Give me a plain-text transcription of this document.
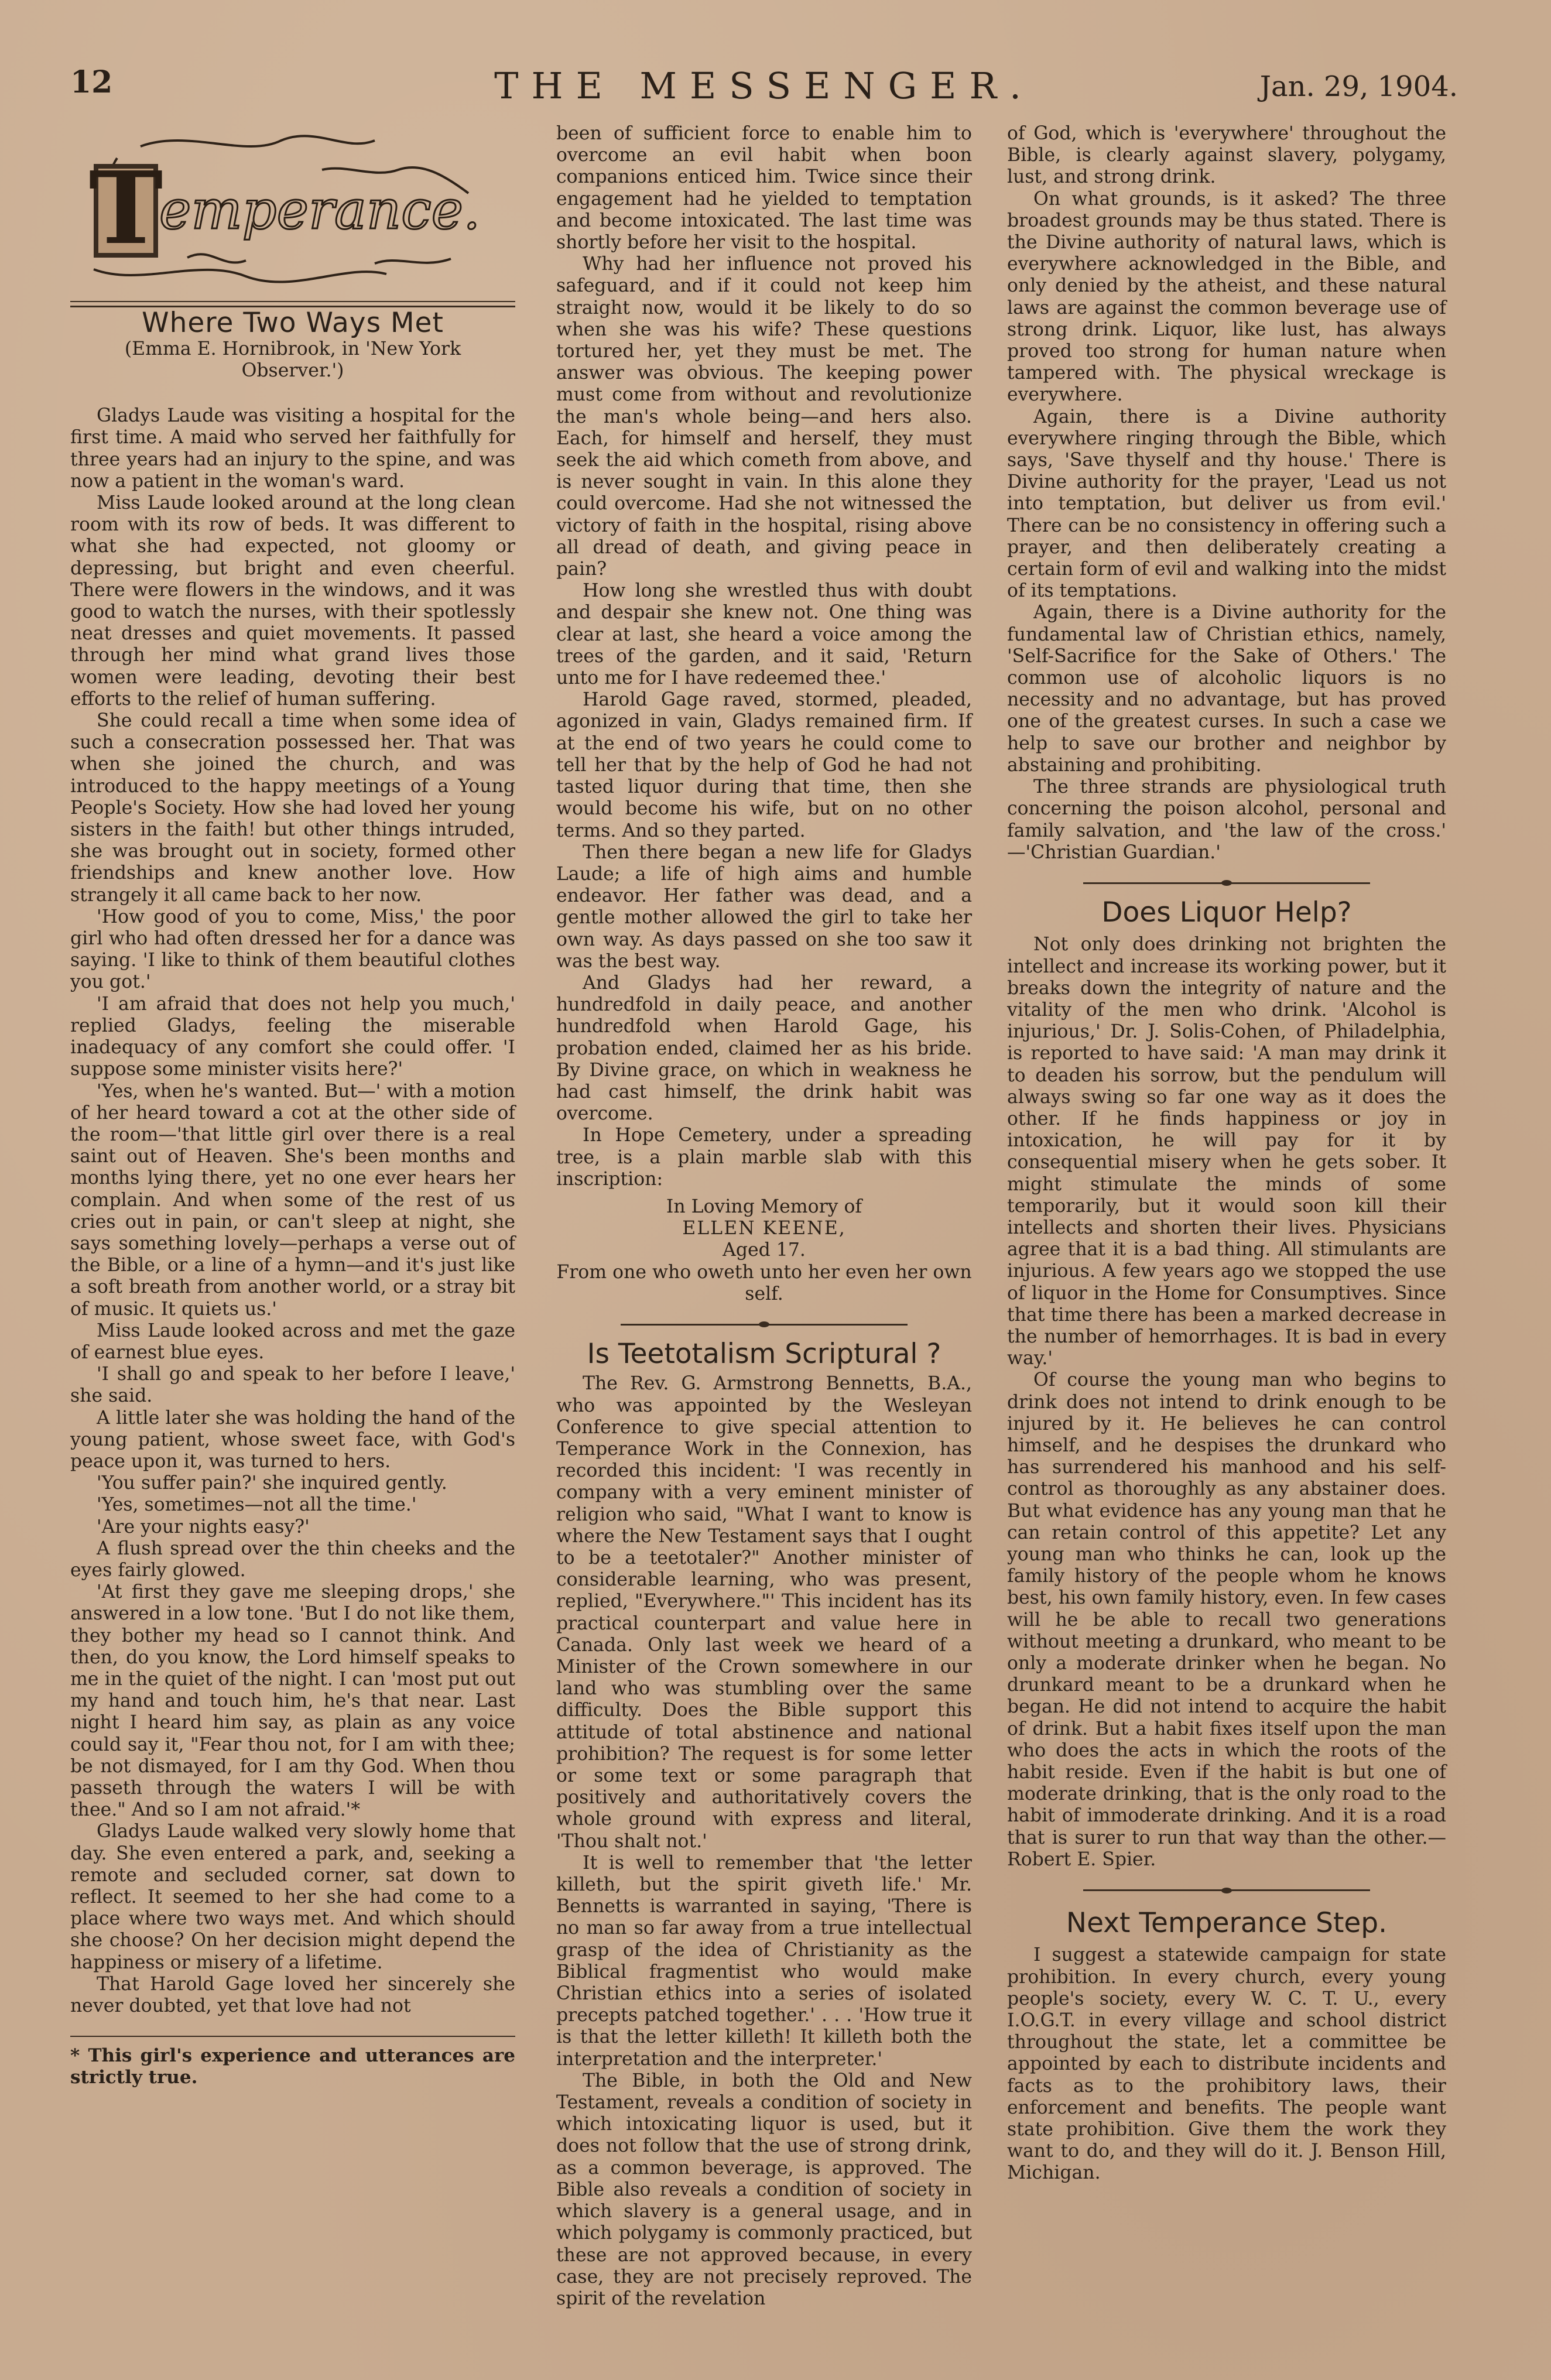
12	THE MESSENGER.	Jan. 29, 1904.
T
emperance.
Where Two Ways Met
(Emma E. Hornibrook, in 'New York Observer.')

Gladys Laude was visiting a hospital for the first time. A maid who served her faithfully for three years had an injury to the spine, and was now a patient in the woman's ward.

Miss Laude looked around at the long clean room with its row of beds. It was different to what she had expected, not gloomy or depressing, but bright and even cheerful. There were flowers in the windows, and it was good to watch the nurses, with their spotlessly neat dresses and quiet movements. It passed through her mind what grand lives those women were leading, devoting their best efforts to the relief of human suffering.

She could recall a time when some idea of such a consecration possessed her. That was when she joined the church, and was introduced to the happy meetings of a Young People's Society. How she had loved her young sisters in the faith! but other things intruded, she was brought out in society, formed other friendships and knew another love. How strangely it all came back to her now.

'How good of you to come, Miss,' the poor girl who had often dressed her for a dance was saying. 'I like to think of them beautiful clothes you got.'

'I am afraid that does not help you much,' replied Gladys, feeling the miserable inadequacy of any comfort she could offer. 'I suppose some minister visits here?'

'Yes, when he's wanted. But—' with a motion of her heard toward a cot at the other side of the room—'that little girl over there is a real saint out of Heaven. She's been months and months lying there, yet no one ever hears her complain. And when some of the rest of us cries out in pain, or can't sleep at night, she says something lovely—perhaps a verse out of the Bible, or a line of a hymn—and it's just like a soft breath from another world, or a stray bit of music. It quiets us.'

Miss Laude looked across and met the gaze of earnest blue eyes.

'I shall go and speak to her before I leave,' she said.

A little later she was holding the hand of the young patient, whose sweet face, with God's peace upon it, was turned to hers.

'You suffer pain?' she inquired gently.

'Yes, sometimes—not all the time.'

'Are your nights easy?'

A flush spread over the thin cheeks and the eyes fairly glowed.

'At first they gave me sleeping drops,' she answered in a low tone. 'But I do not like them, they bother my head so I cannot think. And then, do you know, the Lord himself speaks to me in the quiet of the night. I can 'most put out my hand and touch him, he's that near. Last night I heard him say, as plain as any voice could say it, "Fear thou not, for I am with thee; be not dismayed, for I am thy God. When thou passeth through the waters I will be with thee." And so I am not afraid.'*

Gladys Laude walked very slowly home that day. She even entered a park, and, seeking a remote and secluded corner, sat down to reflect. It seemed to her she had come to a place where two ways met. And which should she choose? On her decision might depend the happiness or misery of a lifetime.

That Harold Gage loved her sincerely she never doubted, yet that love had not

* This girl's experience and utterances are strictly true.

been of sufficient force to enable him to overcome an evil habit when boon companions enticed him. Twice since their engagement had he yielded to temptation and become intoxicated. The last time was shortly before her visit to the hospital.

Why had her influence not proved his safeguard, and if it could not keep him straight now, would it be likely to do so when she was his wife? These questions tortured her, yet they must be met. The answer was obvious. The keeping power must come from without and revolutionize the man's whole being—and hers also. Each, for himself and herself, they must seek the aid which cometh from above, and is never sought in vain. In this alone they could overcome. Had she not witnessed the victory of faith in the hospital, rising above all dread of death, and giving peace in pain?

How long she wrestled thus with doubt and despair she knew not. One thing was clear at last, she heard a voice among the trees of the garden, and it said, 'Return unto me for I have redeemed thee.'

Harold Gage raved, stormed, pleaded, agonized in vain, Gladys remained firm. If at the end of two years he could come to tell her that by the help of God he had not tasted liquor during that time, then she would become his wife, but on no other terms. And so they parted.

Then there began a new life for Gladys Laude; a life of high aims and humble endeavor. Her father was dead, and a gentle mother allowed the girl to take her own way. As days passed on she too saw it was the best way.

And Gladys had her reward, a hundredfold in daily peace, and another hundredfold when Harold Gage, his probation ended, claimed her as his bride. By Divine grace, on which in weakness he had cast himself, the drink habit was overcome.

In Hope Cemetery, under a spreading tree, is a plain marble slab with this inscription:

In Loving Memory of
ELLEN KEENE,
Aged 17.
From one who oweth unto her even her own self.
Is Teetotalism Scriptural ?

The Rev. G. Armstrong Bennetts, B.A., who was appointed by the Wesleyan Conference to give special attention to Temperance Work in the Connexion, has recorded this incident: 'I was recently in company with a very eminent minister of religion who said, "What I want to know is where the New Testament says that I ought to be a teetotaler?" Another minister of considerable learning, who was present, replied, "Everywhere."' This incident has its practical counterpart and value here in Canada. Only last week we heard of a Minister of the Crown somewhere in our land who was stumbling over the same difficulty. Does the Bible support this attitude of total abstinence and national prohibition? The request is for some letter or some text or some paragraph that positively and authoritatively covers the whole ground with express and literal, 'Thou shalt not.'

It is well to remember that 'the letter killeth, but the spirit giveth life.' Mr. Bennetts is warranted in saying, 'There is no man so far away from a true intellectual grasp of the idea of Christianity as the Biblical fragmentist who would make Christian ethics into a series of isolated precepts patched together.' . . . 'How true it is that the letter killeth! It killeth both the interpretation and the interpreter.'

The Bible, in both the Old and New Testament, reveals a condition of society in which intoxicating liquor is used, but it does not follow that the use of strong drink, as a common beverage, is approved. The Bible also reveals a condition of society in which slavery is a general usage, and in which polygamy is commonly practiced, but these are not approved because, in every case, they are not precisely reproved. The spirit of the revelation

of God, which is 'everywhere' throughout the Bible, is clearly against slavery, polygamy, lust, and strong drink.

On what grounds, is it asked? The three broadest grounds may be thus stated. There is the Divine authority of natural laws, which is everywhere acknowledged in the Bible, and only denied by the atheist, and these natural laws are against the common beverage use of strong drink. Liquor, like lust, has always proved too strong for human nature when tampered with. The physical wreckage is everywhere.

Again, there is a Divine authority everywhere ringing through the Bible, which says, 'Save thyself and thy house.' There is Divine authority for the prayer, 'Lead us not into temptation, but deliver us from evil.' There can be no consistency in offering such a prayer, and then deliberately creating a certain form of evil and walking into the midst of its temptations.

Again, there is a Divine authority for the fundamental law of Christian ethics, namely, 'Self-Sacrifice for the Sake of Others.' The common use of alcoholic liquors is no necessity and no advantage, but has proved one of the greatest curses. In such a case we help to save our brother and neighbor by abstaining and prohibiting.

The three strands are physiological truth concerning the poison alcohol, personal and family salvation, and 'the law of the cross.' —'Christian Guardian.'

Does Liquor Help?

Not only does drinking not brighten the intellect and increase its working power, but it breaks down the integrity of nature and the vitality of the men who drink. 'Alcohol is injurious,' Dr. J. Solis-Cohen, of Philadelphia, is reported to have said: 'A man may drink it to deaden his sorrow, but the pendulum will always swing so far one way as it does the other. If he finds happiness or joy in intoxication, he will pay for it by consequential misery when he gets sober. It might stimulate the minds of some temporarily, but it would soon kill their intellects and shorten their lives. Physicians agree that it is a bad thing. All stimulants are injurious. A few years ago we stopped the use of liquor in the Home for Consumptives. Since that time there has been a marked decrease in the number of hemorrhages. It is bad in every way.'

Of course the young man who begins to drink does not intend to drink enough to be injured by it. He believes he can control himself, and he despises the drunkard who has surrendered his manhood and his self-control as thoroughly as any abstainer does. But what evidence has any young man that he can retain control of this appetite? Let any young man who thinks he can, look up the family history of the people whom he knows best, his own family history, even. In few cases will he be able to recall two generations without meeting a drunkard, who meant to be only a moderate drinker when he began. No drunkard meant to be a drunkard when he began. He did not intend to acquire the habit of drink. But a habit fixes itself upon the man who does the acts in which the roots of the habit reside. Even if the habit is but one of moderate drinking, that is the only road to the habit of immoderate drinking. And it is a road that is surer to run that way than the other.—Robert E. Spier.

Next Temperance Step.

I suggest a statewide campaign for state prohibition. In every church, every young people's society, every W. C. T. U., every I.O.G.T. in every village and school district throughout the state, let a committee be appointed by each to distribute incidents and facts as to the prohibitory laws, their enforcement and benefits. The people want state prohibition. Give them the work they want to do, and they will do it. J. Benson Hill, Michigan.
